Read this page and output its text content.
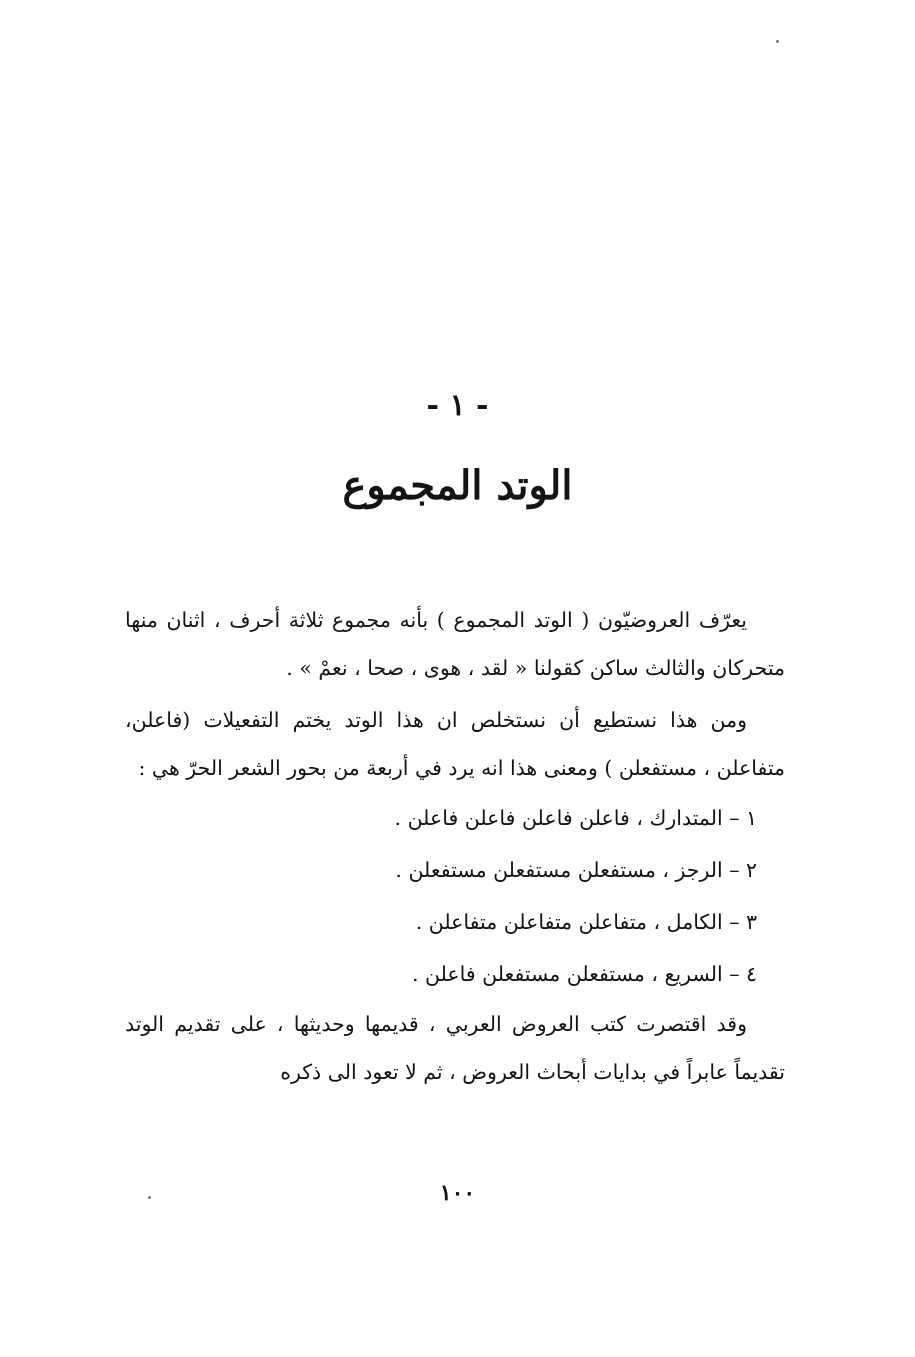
- ١ -
الوتد المجموع

يعرّف العروضيّون ( الوتد المجموع ) بأنه مجموع ثلاثة أحرف ، اثنان منها متحركان والثالث ساكن كقولنا « لقد ، هوى ، صحا ، نعمْ » .

ومن هذا نستطيع أن نستخلص ان هذا الوتد يختم التفعيلات (فاعلن، متفاعلن ، مستفعلن ) ومعنى هذا انه يرد في أربعة من بحور الشعر الحرّ هي :

١ – المتدارك ، فاعلن فاعلن فاعلن فاعلن .
٢ – الرجز ، مستفعلن مستفعلن مستفعلن .
٣ – الكامل ، متفاعلن متفاعلن متفاعلن .
٤ – السريع ، مستفعلن مستفعلن فاعلن .

وقد اقتصرت كتب العروض العربي ، قديمها وحديثها ، على تقديم الوتد تقديماً عابراً في بدايات أبحاث العروض ، ثم لا تعود الى ذكره

١٠٠
